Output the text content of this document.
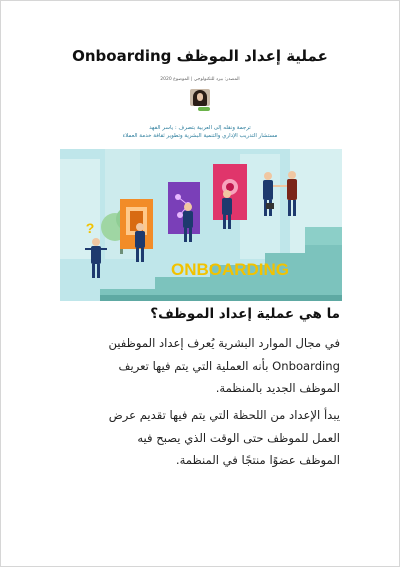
عملية إعداد الموظف Onboarding
المصدر: بيرد للتكنولوجي | الموضوع 2020
ترجمة ونقله إلى العربية بتصرف : ياسر الفهد
مستشار التدريب الإداري والتنمية البشرية وتطوير ثقافة خدمة العملاء
?
ONBOARDING
ما هي عملية إعداد الموظف؟
في مجال الموارد البشرية يُعرف إعداد الموظفين
Onboarding بأنه العملية التي يتم فيها تعريف
الموظف الجديد بالمنظمة.
يبدأ الإعداد من اللحظة التي يتم فيها تقديم عرض
العمل للموظف حتى الوقت الذي يصبح فيه
الموظف عضوًا منتجًا في المنظمة.
